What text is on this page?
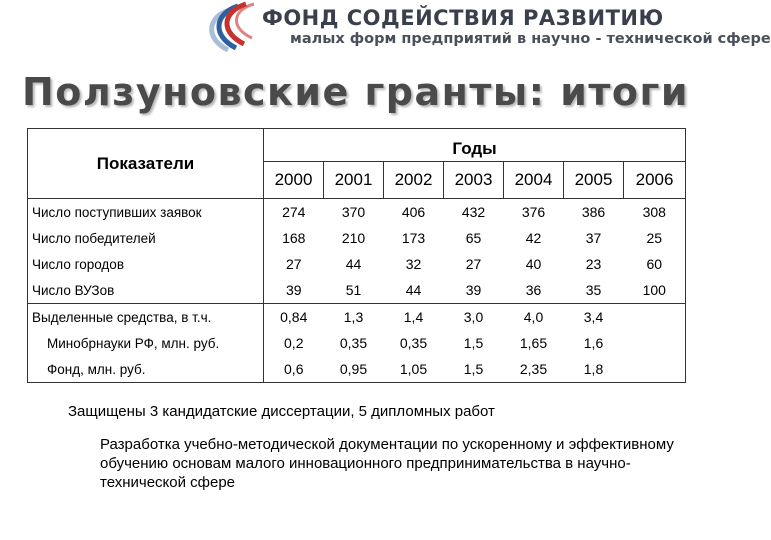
ФОНД СОДЕЙСТВИЯ РАЗВИТИЮ
малых форм предприятий в научно - технической сфере
Ползуновские гранты: итоги
Показатели	Годы						
	2000	2001	2002	2003	2004	2005	2006
Число поступивших заявок	274	370	406	432	376	386	308
Число победителей	168	210	173	65	42	37	25
Число городов	27	44	32	27	40	23	60
Число ВУЗов	39	51	44	39	36	35	100
Выделенные средства, в т.ч.	0,84	1,3	1,4	3,0	4,0	3,4	
Минобрнауки РФ, млн. руб.	0,2	0,35	0,35	1,5	1,65	1,6	
Фонд, млн. руб.	0,6	0,95	1,05	1,5	2,35	1,8	
Защищены 3 кандидатские диссертации, 5 дипломных работ
Разработка учебно-методической документации по ускоренному и эффективному обучению основам малого инновационного предпринимательства в научно-технической сфере
